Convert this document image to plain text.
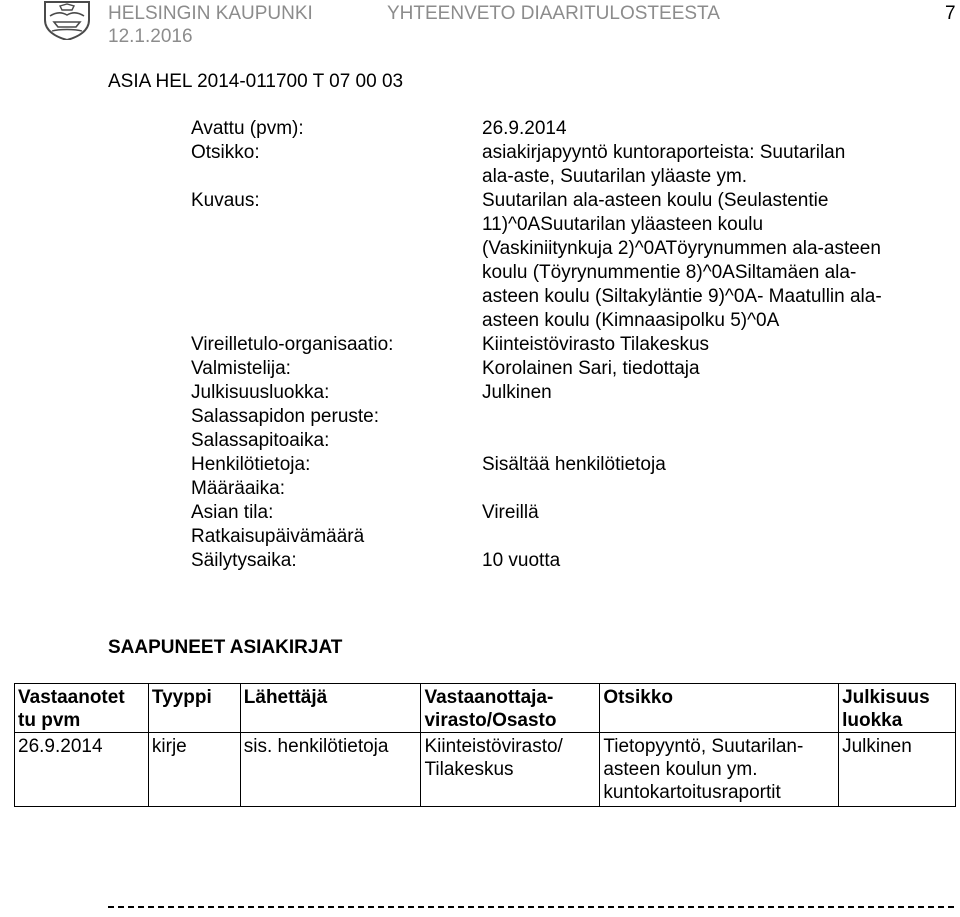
HELSINGIN KAUPUNKI
12.1.2016
YHTEENVETO DIAARITULOSTEESTA	7
ASIA HEL 2014-011700 T 07 00 03
Avattu (pvm):	26.9.2014
Otsikko:	asiakirjapyyntö kuntoraporteista: Suutarilan ala-aste, Suutarilan yläaste ym.
Kuvaus:	Suutarilan ala-asteen koulu (Seulastentie 11)^0ASuutarilan yläasteen koulu (Vaskiniitynkuja 2)^0ATöyrynummen ala-asteen koulu (Töyrynummentie 8)^0ASiltamäen ala-asteen koulu (Siltakyläntie 9)^0A- Maatullin ala-asteen koulu (Kimnaasipolku 5)^0A
Vireilletulo-organisaatio:	Kiinteistövirasto Tilakeskus
Valmistelija:	Korolainen Sari, tiedottaja
Julkisuusluokka:	Julkinen
Salassapidon peruste:
Salassapitoaika:
Henkilötietoja:	Sisältää henkilötietoja
Määräaika:
Asian tila:	Vireillä
Ratkaisupäivämäärä
Säilytysaika:	10 vuotta
SAAPUNEET ASIAKIRJAT
Vastaanotet tu pvm	Tyyppi	Lähettäjä	Vastaanottaja-virasto/Osasto	Otsikko	Julkisuus luokka
26.9.2014	kirje	sis. henkilötietoja	Kiinteistövirasto/ Tilakeskus	Tietopyyntö, Suutarilan-asteen koulun ym. kuntokartoitusraportit	Julkinen
